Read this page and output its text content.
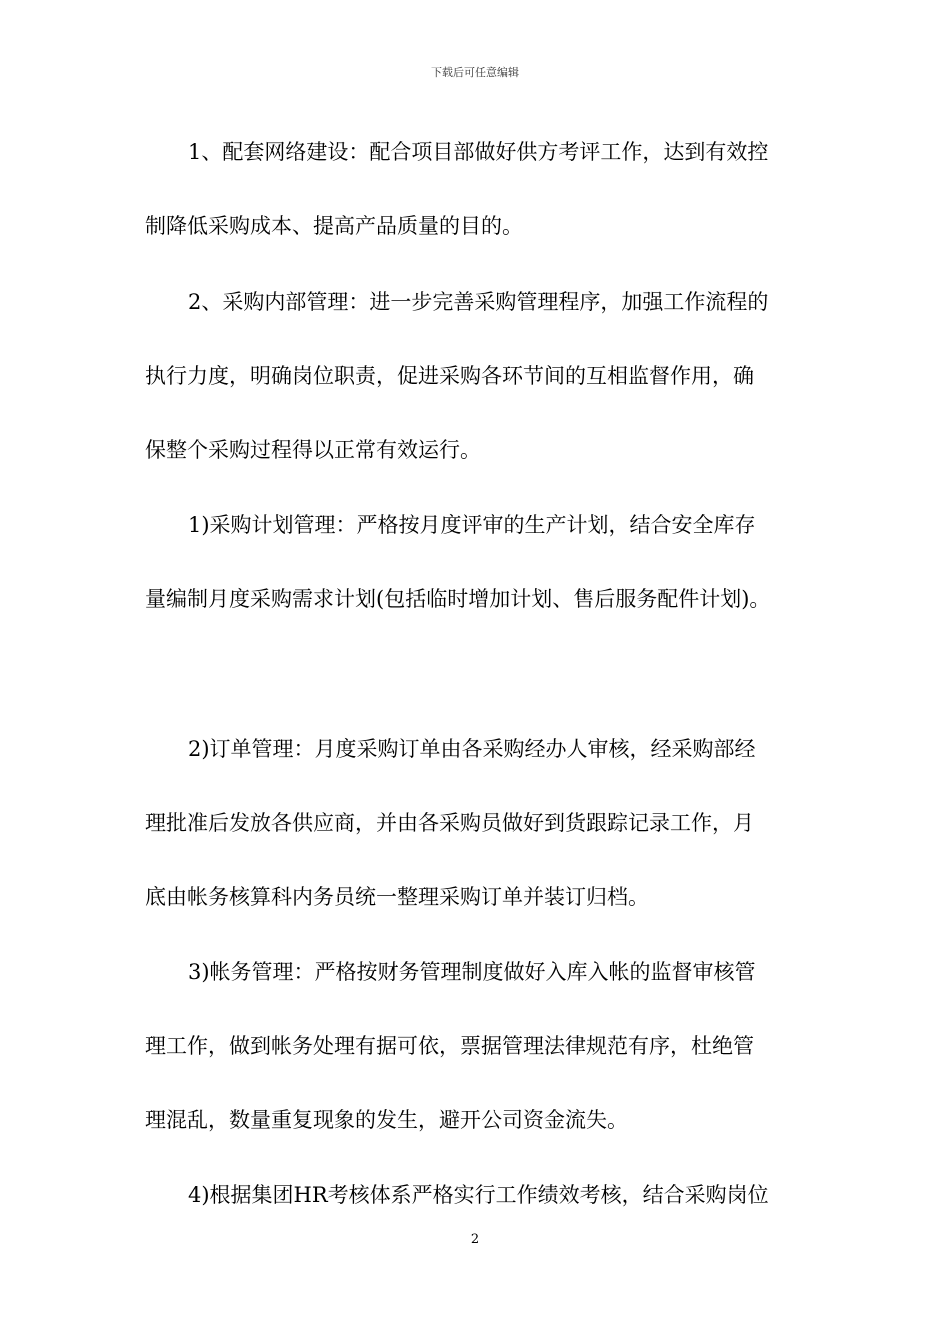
下载后可任意编辑
1、配套网络建设：配合项目部做好供方考评工作，达到有效控
制降低采购成本、提高产品质量的目的。
2、采购内部管理：进一步完善采购管理程序，加强工作流程的
执行力度，明确岗位职责，促进采购各环节间的互相监督作用，确
保整个采购过程得以正常有效运行。
1)采购计划管理：严格按月度评审的生产计划，结合安全库存
量编制月度采购需求计划(包括临时增加计划、售后服务配件计划)。
2)订单管理：月度采购订单由各采购经办人审核，经采购部经
理批准后发放各供应商，并由各采购员做好到货跟踪记录工作，月
底由帐务核算科内务员统一整理采购订单并装订归档。
3)帐务管理：严格按财务管理制度做好入库入帐的监督审核管
理工作，做到帐务处理有据可依，票据管理法律规范有序，杜绝管
理混乱，数量重复现象的发生，避开公司资金流失。
4)根据集团HR考核体系严格实行工作绩效考核，结合采购岗位
2
